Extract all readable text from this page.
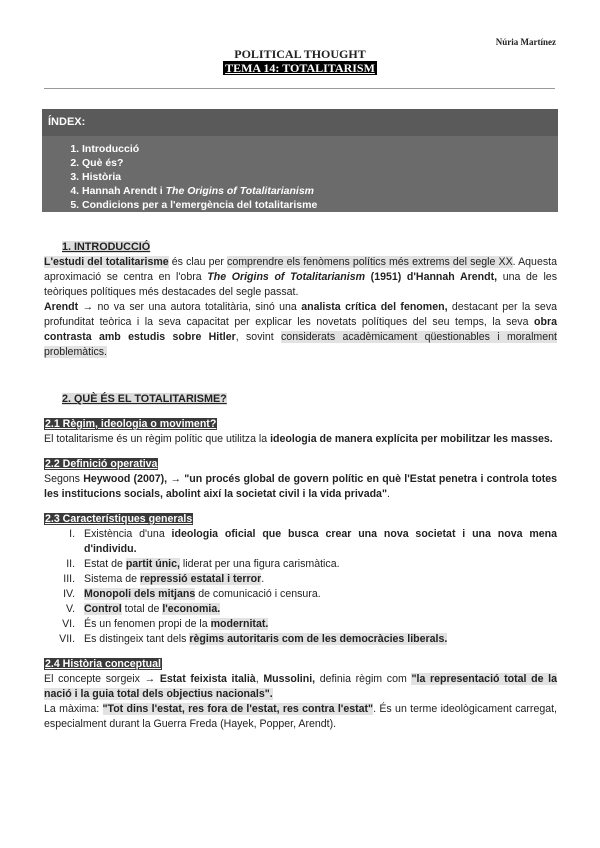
Núria Martínez
POLITICAL THOUGHT
TEMA 14: TOTALITARISM
ÍNDEX:
1. Introducció
2. Què és?
3. Història
4. Hannah Arendt i The Origins of Totalitarianism
5. Condicions per a l'emergència del totalitarisme
1. INTRODUCCIÓ

L'estudi del totalitarisme és clau per comprendre els fenòmens polítics més extrems del segle XX. Aquesta aproximació se centra en l'obra The Origins of Totalitarianism (1951) d'Hannah Arendt, una de les teòriques polítiques més destacades del segle passat.

Arendt → no va ser una autora totalitària, sinó una analista crítica del fenomen, destacant per la seva profunditat teòrica i la seva capacitat per explicar les novetats polítiques del seu temps, la seva obra contrasta amb estudis sobre Hitler, sovint considerats acadèmicament qüestionables i moralment problemàtics.

2. QUÈ ÉS EL TOTALITARISME?
2.1 Règim, ideologia o moviment?

El totalitarisme és un règim polític que utilitza la ideologia de manera explícita per mobilitzar les masses.

2.2 Definició operativa

Segons Heywood (2007), → "un procés global de govern polític en què l'Estat penetra i controla totes les institucions socials, abolint així la societat civil i la vida privada".

2.3 Característiques generals
I. Existència d'una ideologia oficial que busca crear una nova societat i una nova mena d'individu.
II. Estat de partit únic, liderat per una figura carismàtica.
III. Sistema de repressió estatal i terror.
IV. Monopoli dels mitjans de comunicació i censura.
V. Control total de l'economia.
VI. És un fenomen propi de la modernitat.
VII. Es distingeix tant dels règims autoritaris com de les democràcies liberals.
2.4 Història conceptual

El concepte sorgeix → Estat feixista italià, Mussolini, definia règim com "la representació total de la nació i la guia total dels objectius nacionals".

La màxima: "Tot dins l'estat, res fora de l'estat, res contra l'estat". És un terme ideològicament carregat, especialment durant la Guerra Freda (Hayek, Popper, Arendt).
